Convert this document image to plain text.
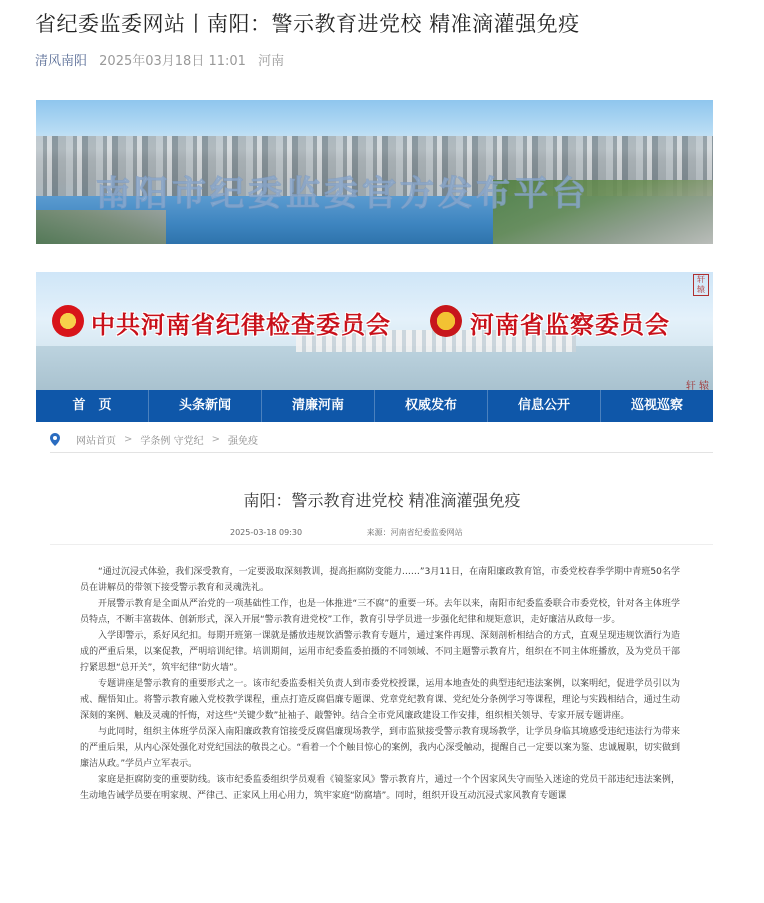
省纪委监委网站丨南阳：警示教育进党校 精准滴灌强免疫
清风南阳 2025年03月18日 11:01 河南
南阳市纪委监委官方发布平台
中共河南省纪律检查委员会	河南省监察委员会
轩辕
轩 辕
首　页	头条新闻	清廉河南	权威发布	信息公开	巡视巡察
网站首页 > 学条例 守党纪 > 强免疫
南阳：警示教育进党校 精准滴灌强免疫
2025-03-18 09:30	来源：河南省纪委监委网站

“通过沉浸式体验，我们深受教育，一定要汲取深刻教训，提高拒腐防变能力……”3月11日，在南阳廉政教育馆，市委党校春季学期中青班50名学员在讲解员的带领下接受警示教育和灵魂洗礼。

开展警示教育是全面从严治党的一项基础性工作，也是一体推进“三不腐”的重要一环。去年以来，南阳市纪委监委联合市委党校，针对各主体班学员特点，不断丰富载体、创新形式，深入开展“警示教育进党校”工作，教育引导学员进一步强化纪律和规矩意识，走好廉洁从政每一步。

入学即警示，系好风纪扣。每期开班第一课就是播放违规饮酒警示教育专题片，通过案件再现、深刻剖析相结合的方式，直观呈现违规饮酒行为造成的严重后果，以案促教，严明培训纪律。培训期间，运用市纪委监委拍摄的不同领域、不同主题警示教育片，组织在不同主体班播放，及为党员干部拧紧思想“总开关”，筑牢纪律“防火墙”。

专题讲座是警示教育的重要形式之一。该市纪委监委相关负责人到市委党校授课，运用本地查处的典型违纪违法案例，以案明纪，促进学员引以为戒、醒悟知止。将警示教育融入党校教学课程，重点打造反腐倡廉专题课、党章党纪教育课、党纪处分条例学习等课程，理论与实践相结合，通过生动深刻的案例、触及灵魂的忏悔，对这些“关键少数”扯袖子、敲警钟。结合全市党风廉政建设工作安排，组织相关领导、专家开展专题讲座。

与此同时，组织主体班学员深入南阳廉政教育馆接受反腐倡廉现场教学，到市监狱接受警示教育现场教学，让学员身临其境感受违纪违法行为带来的严重后果，从内心深处强化对党纪国法的敬畏之心。“看着一个个触目惊心的案例，我内心深受触动，提醒自己一定要以案为鉴、忠诚履职，切实做到廉洁从政。”学员卢立军表示。

家庭是拒腐防变的重要防线。该市纪委监委组织学员观看《镜鉴家风》警示教育片，通过一个个因家风失守而坠入迷途的党员干部违纪违法案例，生动地告诫学员要在明家规、严律己、正家风上用心用力，筑牢家庭“防腐墙”。同时，组织开设互动沉浸式家风教育专题课
